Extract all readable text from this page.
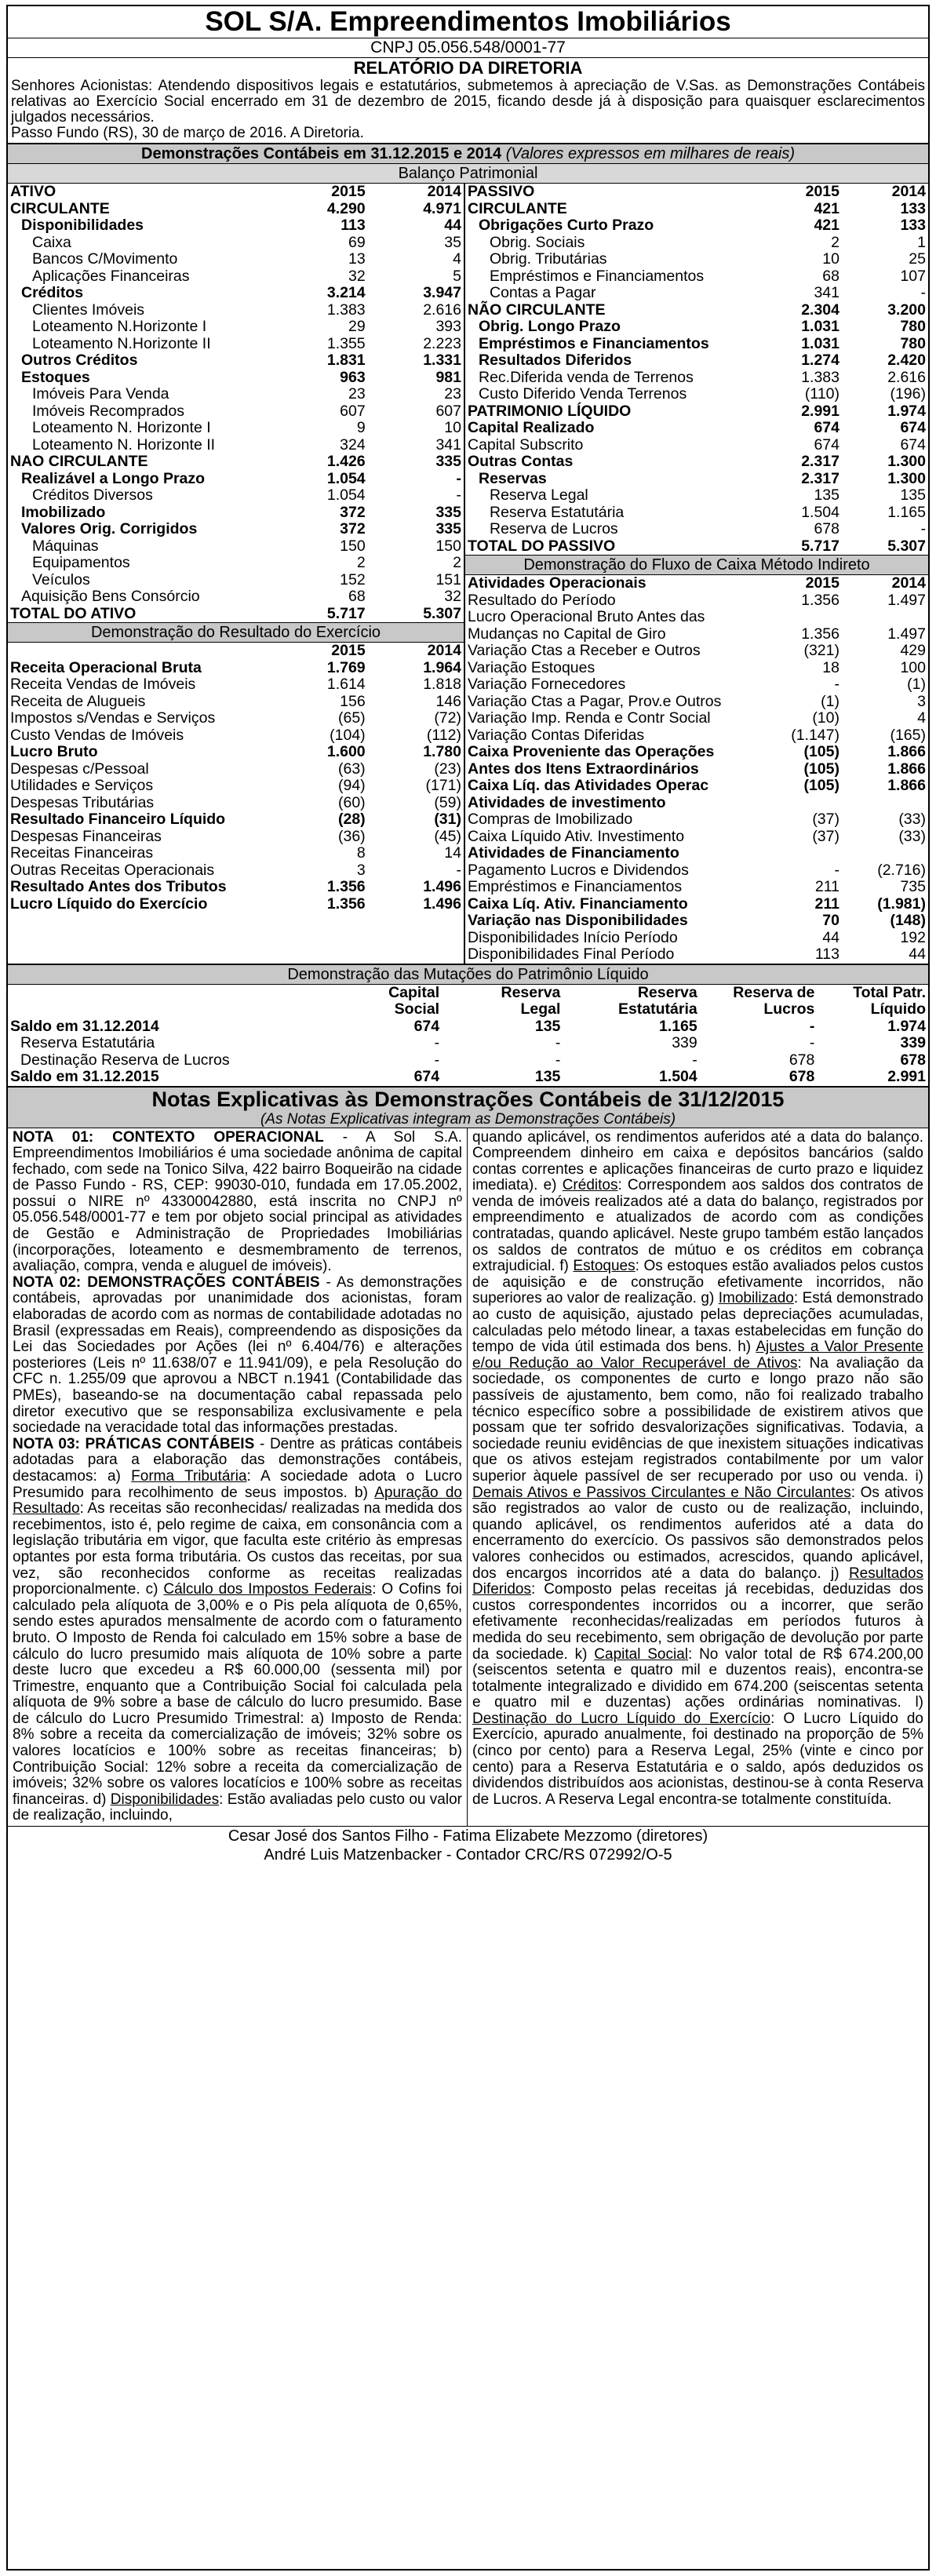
SOL S/A. Empreendimentos Imobiliários
CNPJ 05.056.548/0001-77
RELATÓRIO DA DIRETORIA

Senhores Acionistas: Atendendo dispositivos legais e estatutários, submetemos à apreciação de V.Sas. as Demonstrações Contábeis relativas ao Exercício Social encerrado em 31 de dezembro de 2015, ficando desde já à disposição para quaisquer esclarecimentos julgados necessários.

Passo Fundo (RS), 30 de março de 2016. A Diretoria.

Demonstrações Contábeis em 31.12.2015 e 2014 (Valores expressos em milhares de reais)
Balanço Patrimonial
ATIVO	2015	2014
CIRCULANTE	4.290	4.971
Disponibilidades	113	44
Caixa	69	35
Bancos C/Movimento	13	4
Aplicações Financeiras	32	5
Créditos	3.214	3.947
Clientes Imóveis	1.383	2.616
Loteamento N.Horizonte I	29	393
Loteamento N.Horizonte II	1.355	2.223
Outros Créditos	1.831	1.331
Estoques	963	981
Imóveis Para Venda	23	23
Imóveis Recomprados	607	607
Loteamento N. Horizonte I	9	10
Loteamento N. Horizonte II	324	341
NAO CIRCULANTE	1.426	335
Realizável a Longo Prazo	1.054	-
Créditos Diversos	1.054	-
Imobilizado	372	335
Valores Orig. Corrigidos	372	335
Máquinas	150	150
Equipamentos	2	2
Veículos	152	151
Aquisição Bens Consórcio	68	32
TOTAL DO ATIVO	5.717	5.307
Demonstração do Resultado do Exercício
	2015	2014

Receita Operacional Bruta	1.769	1.964
Receita Vendas de Imóveis	1.614	1.818
Receita de Alugueis	156	146
Impostos s/Vendas e Serviços	(65)	(72)
Custo Vendas de Imóveis	(104)	(112)
Lucro Bruto	1.600	1.780
Despesas c/Pessoal	(63)	(23)
Utilidades e Serviços	(94)	(171)
Despesas Tributárias	(60)	(59)
Resultado Financeiro Líquido	(28)	(31)
Despesas Financeiras	(36)	(45)
Receitas Financeiras	8	14
Outras Receitas Operacionais	3	-
Resultado Antes dos Tributos	1.356	1.496
Lucro Líquido do Exercício	1.356	1.496
PASSIVO	2015	2014
CIRCULANTE	421	133
Obrigações Curto Prazo	421	133
Obrig. Sociais	2	1
Obrig. Tributárias	10	25
Empréstimos e Financiamentos	68	107
Contas a Pagar	341	-
NÃO CIRCULANTE	2.304	3.200
Obrig. Longo Prazo	1.031	780
Empréstimos e Financiamentos	1.031	780
Resultados Diferidos	1.274	2.420
Rec.Diferida venda de Terrenos	1.383	2.616
Custo Diferido Venda Terrenos	(110)	(196)
PATRIMONIO LÍQUIDO	2.991	1.974
Capital Realizado	674	674
Capital Subscrito	674	674
Outras Contas	2.317	1.300
Reservas	2.317	1.300
Reserva Legal	135	135
Reserva Estatutária	1.504	1.165
Reserva de Lucros	678	-
TOTAL DO PASSIVO	5.717	5.307
Demonstração do Fluxo de Caixa Método Indireto
Atividades Operacionais	2015	2014
Resultado do Período	1.356	1.497
Lucro Operacional Bruto Antes das		
Mudanças no Capital de Giro	1.356	1.497
Variação Ctas a Receber e Outros	(321)	429
Variação Estoques	18	100
Variação Fornecedores	-	(1)
Variação Ctas a Pagar, Prov.e Outros	(1)	3
Variação Imp. Renda e Contr Social	(10)	4
Variação Contas Diferidas	(1.147)	(165)
Caixa Proveniente das Operações	(105)	1.866
Antes dos Itens Extraordinários	(105)	1.866
Caixa Líq. das Atividades Operac	(105)	1.866
Atividades de investimento		
Compras de Imobilizado	(37)	(33)
Caixa Líquido Ativ. Investimento	(37)	(33)
Atividades de Financiamento		
Pagamento Lucros e Dividendos	-	(2.716)
Empréstimos e Financiamentos	211	735
Caixa Líq. Ativ. Financiamento	211	(1.981)
Variação nas Disponibilidades	70	(148)
Disponibilidades Início Período	44	192
Disponibilidades Final Período	113	44
Demonstração das Mutações do Patrimônio Líquido
	Capital	Reserva	Reserva	Reserva de	Total Patr.
	Social	Legal	Estatutária	Lucros	Líquido
Saldo em 31.12.2014	674	135	1.165	-	1.974
Reserva Estatutária	-	-	339	-	339
Destinação Reserva de Lucros	-	-	-	678	678
Saldo em 31.12.2015	674	135	1.504	678	2.991
Notas Explicativas às Demonstrações Contábeis de 31/12/2015
(As Notas Explicativas integram as Demonstrações Contábeis)
NOTA 01: CONTEXTO OPERACIONAL - A Sol S.A. Empreendimentos Imobiliários é uma sociedade anônima de capital fechado, com sede na Tonico Silva, 422 bairro Boqueirão na cidade de Passo Fundo - RS, CEP: 99030-010, fundada em 17.05.2002, possui o NIRE nº 43300042880, está inscrita no CNPJ nº 05.056.548/0001-77 e tem por objeto social principal as atividades de Gestão e Administração de Propriedades Imobiliárias (incorporações, loteamento e desmembramento de terrenos, avaliação, compra, venda e aluguel de imóveis).
NOTA 02: DEMONSTRAÇÕES CONTÁBEIS - As demonstrações contábeis, aprovadas por unanimidade dos acionistas, foram elaboradas de acordo com as normas de contabilidade adotadas no Brasil (expressadas em Reais), compreendendo as disposições da Lei das Sociedades por Ações (lei nº 6.404/76) e alterações posteriores (Leis nº 11.638/07 e 11.941/09), e pela Resolução do CFC n. 1.255/09 que aprovou a NBCT n.1941 (Contabilidade das PMEs), baseando-se na documentação cabal repassada pelo diretor executivo que se responsabiliza exclusivamente e pela sociedade na veracidade total das informações prestadas.
NOTA 03: PRÁTICAS CONTÁBEIS - Dentre as práticas contábeis adotadas para a elaboração das demonstrações contábeis, destacamos: a) Forma Tributária: A sociedade adota o Lucro Presumido para recolhimento de seus impostos. b) Apuração do Resultado: As receitas são reconhecidas/ realizadas na medida dos recebimentos, isto é, pelo regime de caixa, em consonância com a legislação tributária em vigor, que faculta este critério às empresas optantes por esta forma tributária. Os custos das receitas, por sua vez, são reconhecidos conforme as receitas realizadas proporcionalmente. c) Cálculo dos Impostos Federais: O Cofins foi calculado pela alíquota de 3,00% e o Pis pela alíquota de 0,65%, sendo estes apurados mensalmente de acordo com o faturamento bruto. O Imposto de Renda foi calculado em 15% sobre a base de cálculo do lucro presumido mais alíquota de 10% sobre a parte deste lucro que excedeu a R$ 60.000,00 (sessenta mil) por Trimestre, enquanto que a Contribuição Social foi calculada pela alíquota de 9% sobre a base de cálculo do lucro presumido. Base de cálculo do Lucro Presumido Trimestral: a) Imposto de Renda: 8% sobre a receita da comercialização de imóveis; 32% sobre os valores locatícios e 100% sobre as receitas financeiras; b) Contribuição Social: 12% sobre a receita da comercialização de imóveis; 32% sobre os valores locatícios e 100% sobre as receitas financeiras. d) Disponibilidades: Estão avaliadas pelo custo ou valor de realização, incluindo,
quando aplicável, os rendimentos auferidos até a data do balanço. Compreendem dinheiro em caixa e depósitos bancários (saldo contas correntes e aplicações financeiras de curto prazo e liquidez imediata). e) Créditos: Correspondem aos saldos dos contratos de venda de imóveis realizados até a data do balanço, registrados por empreendimento e atualizados de acordo com as condições contratadas, quando aplicável. Neste grupo também estão lançados os saldos de contratos de mútuo e os créditos em cobrança extrajudicial. f) Estoques: Os estoques estão avaliados pelos custos de aquisição e de construção efetivamente incorridos, não superiores ao valor de realização. g) Imobilizado: Está demonstrado ao custo de aquisição, ajustado pelas depreciações acumuladas, calculadas pelo método linear, a taxas estabelecidas em função do tempo de vida útil estimada dos bens. h) Ajustes a Valor Presente e/ou Redução ao Valor Recuperável de Ativos: Na avaliação da sociedade, os componentes de curto e longo prazo não são passíveis de ajustamento, bem como, não foi realizado trabalho técnico específico sobre a possibilidade de existirem ativos que possam que ter sofrido desvalorizações significativas. Todavia, a sociedade reuniu evidências de que inexistem situações indicativas que os ativos estejam registrados contabilmente por um valor superior àquele passível de ser recuperado por uso ou venda. i) Demais Ativos e Passivos Circulantes e Não Circulantes: Os ativos são registrados ao valor de custo ou de realização, incluindo, quando aplicável, os rendimentos auferidos até a data do encerramento do exercício. Os passivos são demonstrados pelos valores conhecidos ou estimados, acrescidos, quando aplicável, dos encargos incorridos até a data do balanço. j) Resultados Diferidos: Composto pelas receitas já recebidas, deduzidas dos custos correspondentes incorridos ou a incorrer, que serão efetivamente reconhecidas/realizadas em períodos futuros à medida do seu recebimento, sem obrigação de devolução por parte da sociedade. k) Capital Social: No valor total de R$ 674.200,00 (seiscentos setenta e quatro mil e duzentos reais), encontra-se totalmente integralizado e dividido em 674.200 (seiscentas setenta e quatro mil e duzentas) ações ordinárias nominativas. l) Destinação do Lucro Líquido do Exercício: O Lucro Líquido do Exercício, apurado anualmente, foi destinado na proporção de 5% (cinco por cento) para a Reserva Legal, 25% (vinte e cinco por cento) para a Reserva Estatutária e o saldo, após deduzidos os dividendos distribuídos aos acionistas, destinou-se à conta Reserva de Lucros. A Reserva Legal encontra-se totalmente constituída.
Cesar José dos Santos Filho - Fatima Elizabete Mezzomo (diretores)
André Luis Matzenbacker - Contador CRC/RS 072992/O-5
